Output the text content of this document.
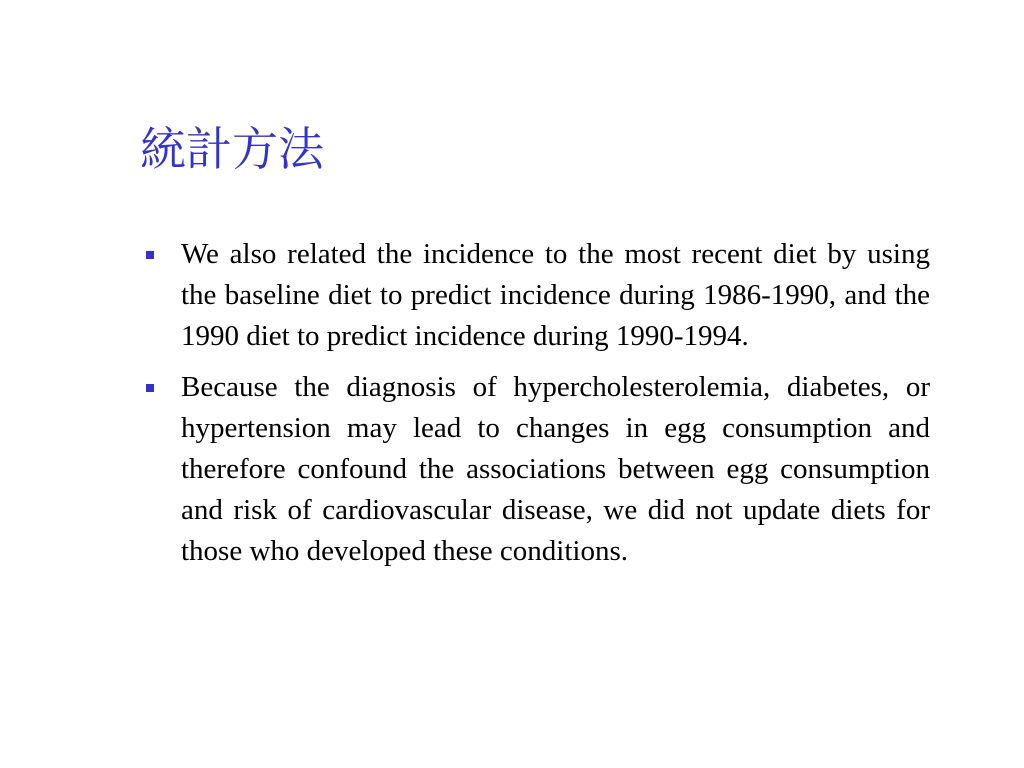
統計方法

We also related the incidence to the most recent diet by using the baseline diet to predict incidence during 1986-1990, and the 1990 diet to predict incidence during 1990-1994.

Because the diagnosis of hypercholesterolemia, diabetes, or hypertension may lead to changes in egg consumption and therefore confound the associations between egg consumption and risk of cardiovascular disease, we did not update diets for those who developed these conditions.
